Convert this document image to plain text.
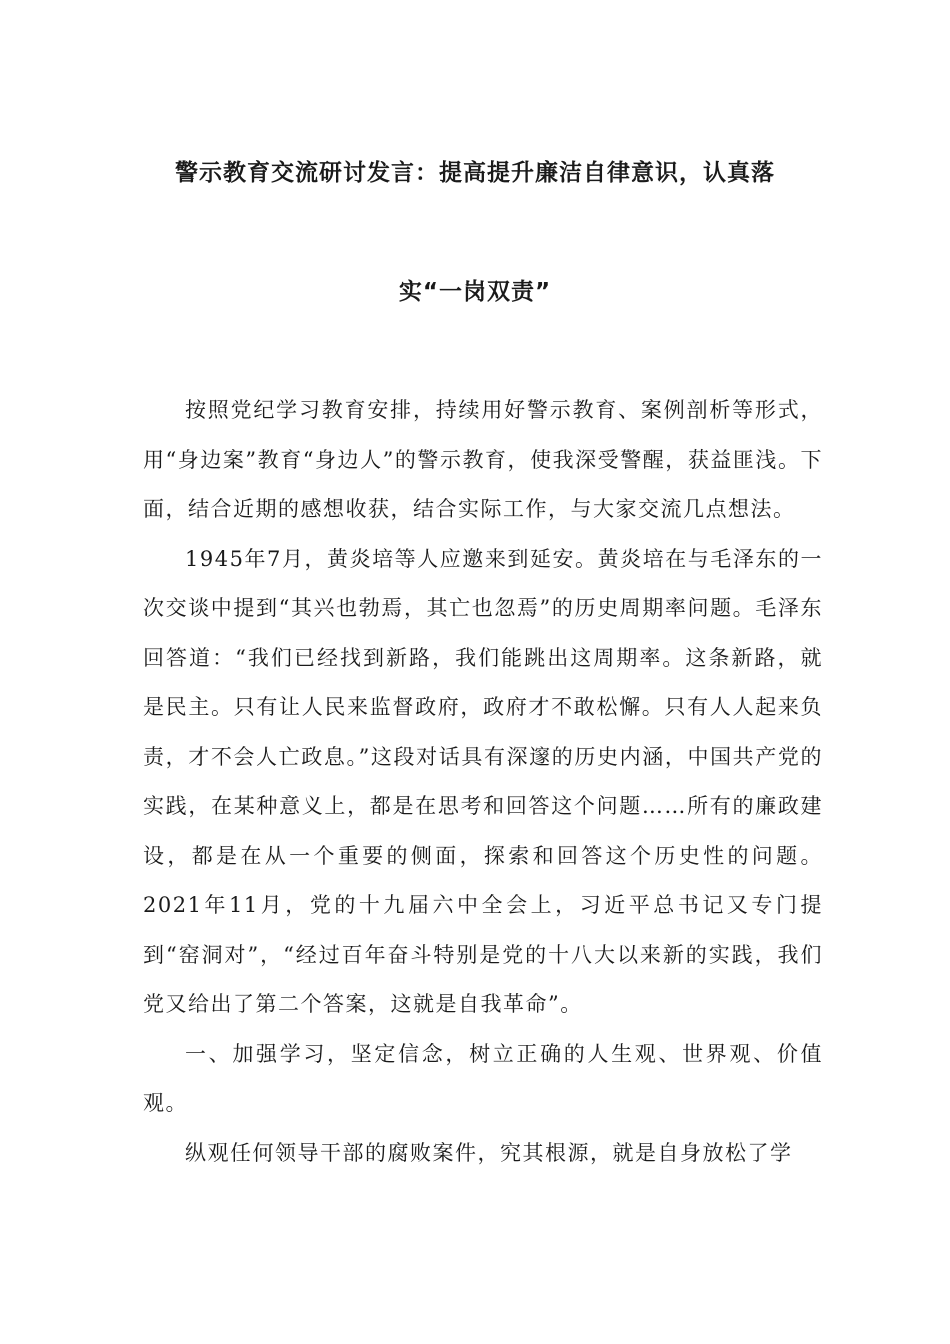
警示教育交流研讨发言：提高提升廉洁自律意识，认真落
实“一岗双责”

按照党纪学习教育安排，持续用好警示教育、案例剖析等形式，用“身边案”教育“身边人”的警示教育，使我深受警醒，获益匪浅。下面，结合近期的感想收获，结合实际工作，与大家交流几点想法。

1945年7月，黄炎培等人应邀来到延安。黄炎培在与毛泽东的一次交谈中提到“其兴也勃焉，其亡也忽焉”的历史周期率问题。毛泽东回答道：“我们已经找到新路，我们能跳出这周期率。这条新路，就是民主。只有让人民来监督政府，政府才不敢松懈。只有人人起来负责，才不会人亡政息。”这段对话具有深邃的历史内涵，中国共产党的实践，在某种意义上，都是在思考和回答这个问题……所有的廉政建设，都是在从一个重要的侧面，探索和回答这个历史性的问题。2021年11月，党的十九届六中全会上，习近平总书记又专门提到“窑洞对”，“经过百年奋斗特别是党的十八大以来新的实践，我们党又给出了第二个答案，这就是自我革命”。

一、加强学习，坚定信念，树立正确的人生观、世界观、价值观。

纵观任何领导干部的腐败案件，究其根源，就是自身放松了学
